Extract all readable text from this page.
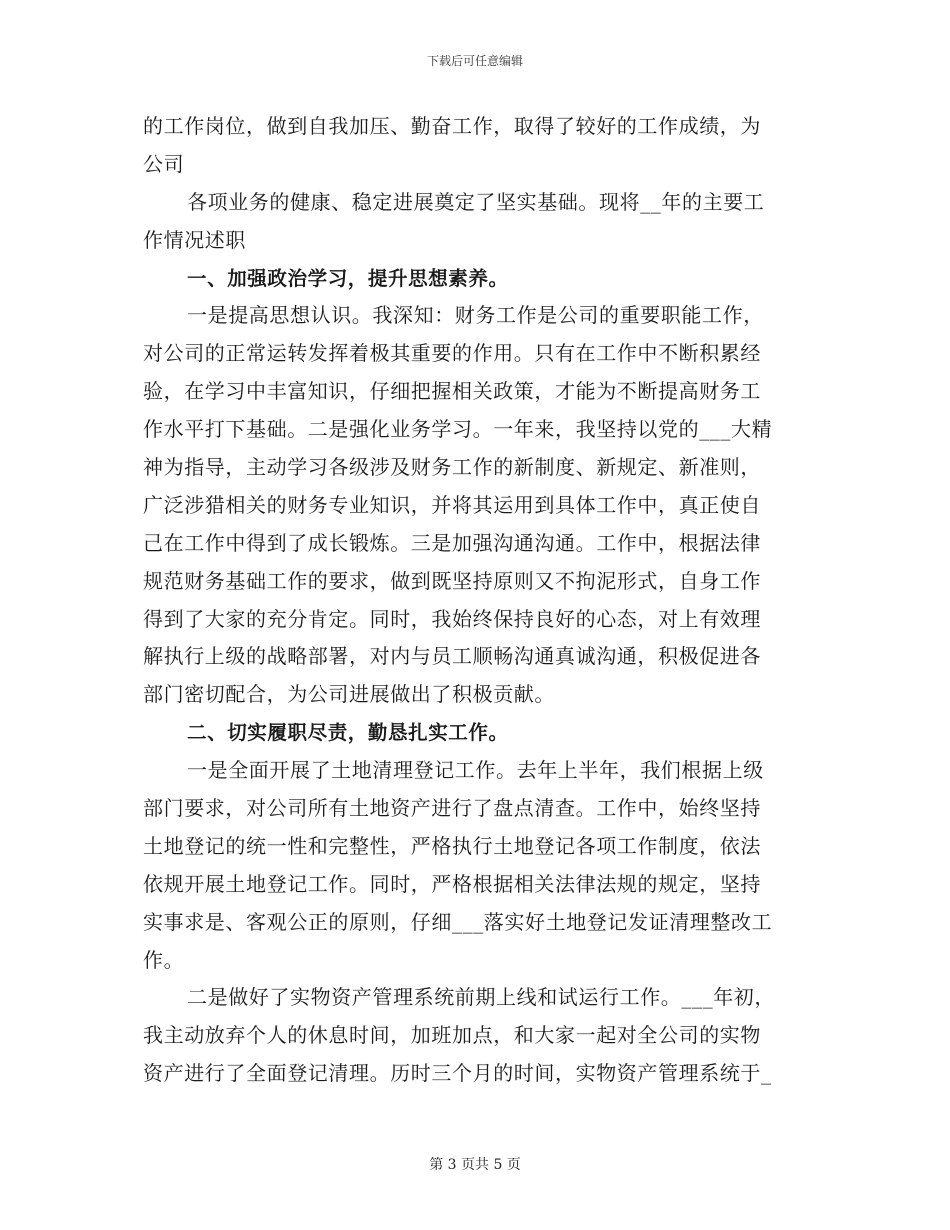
下载后可任意编辑
的工作岗位，做到自我加压、勤奋工作，取得了较好的工作成绩，为
公司
各项业务的健康、稳定进展奠定了坚实基础。现将__年的主要工
作情况述职
一、加强政治学习，提升思想素养。
一是提高思想认识。我深知：财务工作是公司的重要职能工作，
对公司的正常运转发挥着极其重要的作用。只有在工作中不断积累经
验，在学习中丰富知识，仔细把握相关政策，才能为不断提高财务工
作水平打下基础。二是强化业务学习。一年来，我坚持以党的___大精
神为指导，主动学习各级涉及财务工作的新制度、新规定、新准则，
广泛涉猎相关的财务专业知识，并将其运用到具体工作中，真正使自
己在工作中得到了成长锻炼。三是加强沟通沟通。工作中，根据法律
规范财务基础工作的要求，做到既坚持原则又不拘泥形式，自身工作
得到了大家的充分肯定。同时，我始终保持良好的心态，对上有效理
解执行上级的战略部署，对内与员工顺畅沟通真诚沟通，积极促进各
部门密切配合，为公司进展做出了积极贡献。
二、切实履职尽责，勤恳扎实工作。
一是全面开展了土地清理登记工作。去年上半年，我们根据上级
部门要求，对公司所有土地资产进行了盘点清查。工作中，始终坚持
土地登记的统一性和完整性，严格执行土地登记各项工作制度，依法
依规开展土地登记工作。同时，严格根据相关法律法规的规定，坚持
实事求是、客观公正的原则，仔细___落实好土地登记发证清理整改工
作。
二是做好了实物资产管理系统前期上线和试运行工作。___年初，
我主动放弃个人的休息时间，加班加点，和大家一起对全公司的实物
资产进行了全面登记清理。历时三个月的时间，实物资产管理系统于_
第 3 页共 5 页
